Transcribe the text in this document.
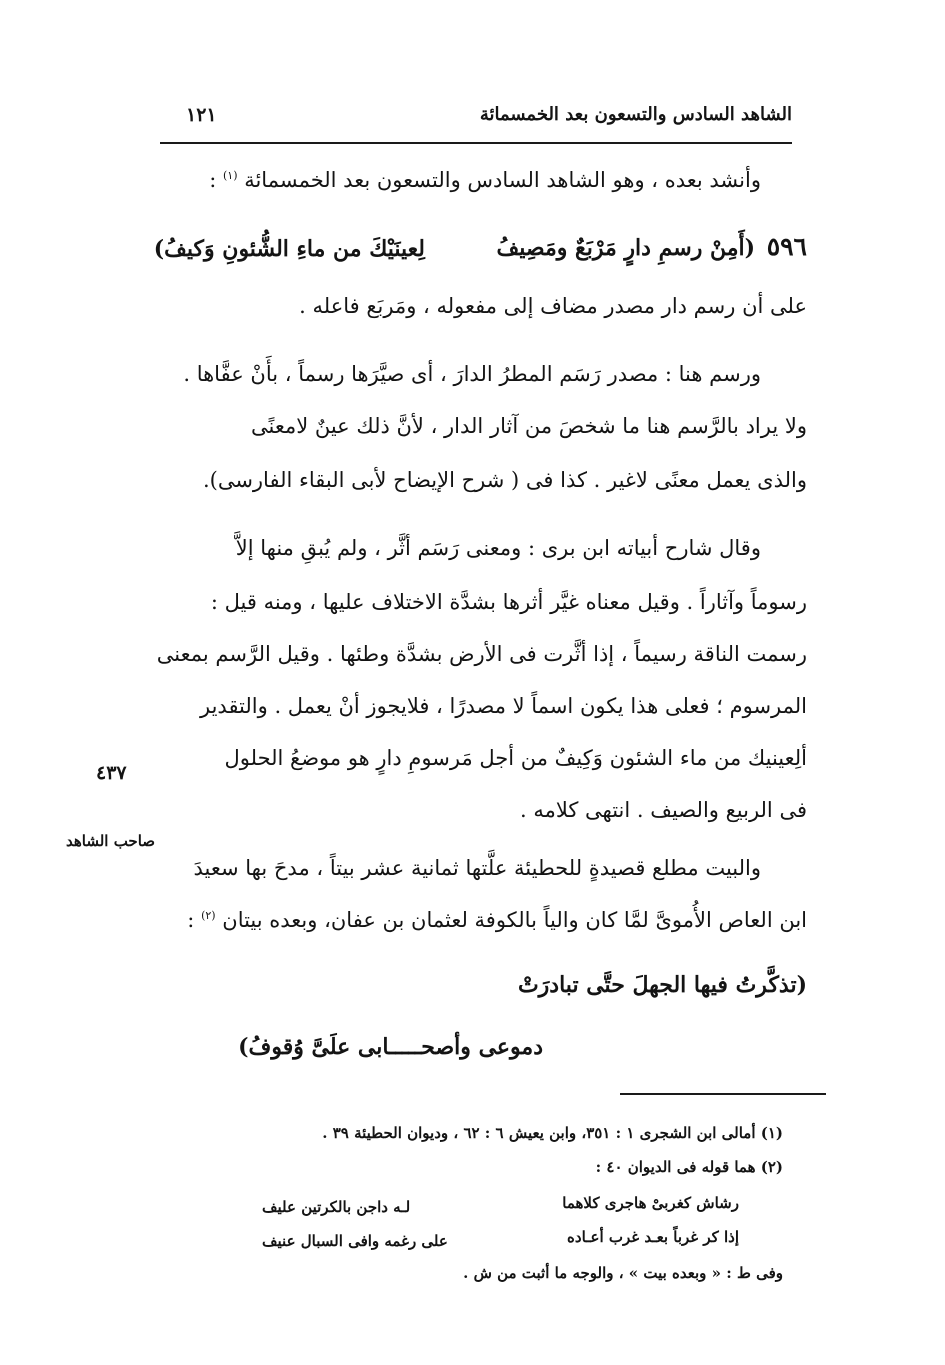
الشاهد السادس والتسعون بعد الخمسمائة
١٢١
وأنشد بعده ، وهو الشاهد السادس والتسعون بعد الخمسمائة $^{(١)}$ :
٥٩٦ (أَمِنْ رسمِ دارٍ مَرْبَعٌ ومَصِيفُ
لِعينَيْكَ من ماءِ الشُّئونِ وَكيفُ)
على أن رسم دار مصدر مضاف إلى مفعوله ، ومَربَع فاعله .
ورسم هنا : مصدر رَسَم المطرُ الدارَ ، أى صيَّرَها رسماً ، بأَنْ عفَّاها .
ولا يراد بالرَّسم هنا ما شخصَ من آثار الدار ، لأنَّ ذلك عينٌ لامعنًى
والذى يعمل معنًى لاغير . كذا فى ( شرح الإيضاح لأبى البقاء الفارسى).
وقال شارح أبياته ابن برى : ومعنى رَسَم أثَّر ، ولم يُبقِ منها إلاَّ
رسوماً وآثاراً . وقيل معناه غيَّر أثرها بشدَّة الاختلاف عليها ، ومنه قيل :
رسمت الناقة رسيماً ، إذا أثَّرت فى الأرض بشدَّة وطئها . وقيل الرَّسم بمعنى
المرسوم ؛ فعلى هذا يكون اسماً لا مصدرًا ، فلايجوز أنْ يعمل . والتقدير
ألِعينيك من ماء الشئون وَكِيفٌ من أجل مَرسومِ دارٍ هو موضعُ الحلول
فى الربيع والصيف . انتهى كلامه .
٤٣٧
صاحب الشاهد
والبيت مطلع قصيدةٍ للحطيئة علَّتها ثمانية عشر بيتاً ، مدحَ بها سعيدَ
ابن العاص الأُموىَّ لمَّا كان والياً بالكوفة لعثمان بن عفان، وبعده بيتان $^{(٢)}$ :
(تذكَّرتُ فيها الجهلَ حتَّى تبادرَتْ
دموعى وأصحـــــابى علَىَّ وُقوفُ)
(١) أمالى ابن الشجرى ١ : ٣٥١، وابن يعيش ٦ : ٦٢ ، وديوان الحطيئة ٣٩ .
(٢) هما قوله فى الديوان ٤٠ :
رشاش كغربىْ هاجرى كلاهما
لـه داجن بالكرتين عليف
إذا كر غرباً بعـد غرب أعـاده
على رغمه وافى السبال عنيف
وفى ط : « وبعده بيت » ، والوجه ما أثبت من ش .
